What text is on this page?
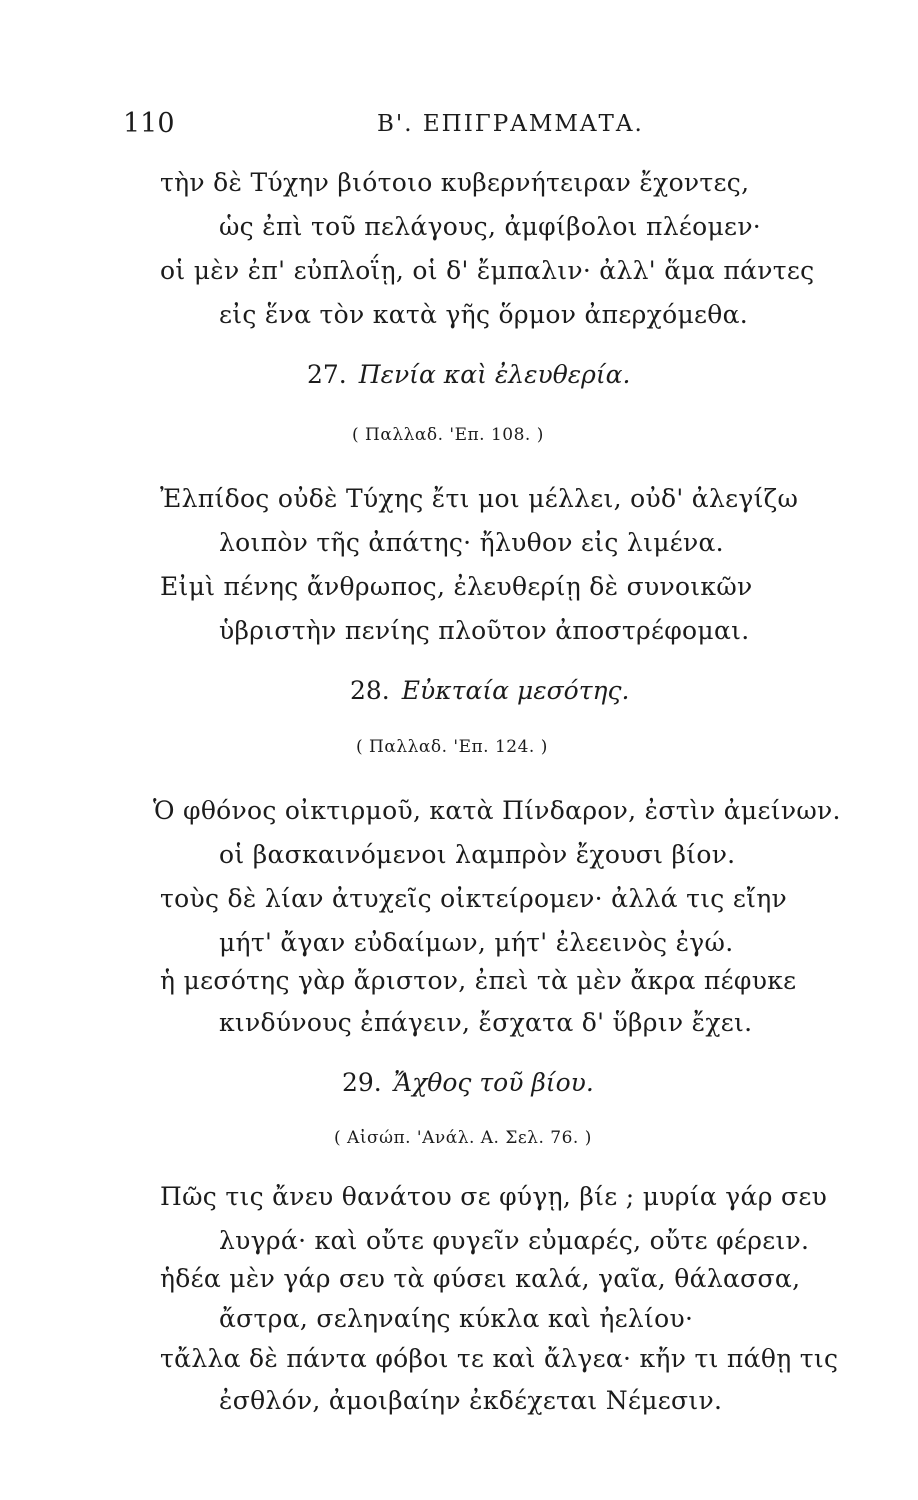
110	Β'. ΕΠΙΓΡΑΜΜΑΤΑ.
τὴν δὲ Τύχην βιότοιο κυβερνήτειραν ἔχοντες,
ὡς ἐπὶ τοῦ πελάγους, ἀμφίβολοι πλέομεν·
οἱ μὲν ἐπ' εὐπλοΐῃ, οἱ δ' ἔμπαλιν· ἀλλ' ἅμα πάντες
εἰς ἕνα τὸν κατὰ γῆς ὅρμον ἀπερχόμεθα.
27. Πενία καὶ ἐλευθερία.
( Παλλαδ. 'Επ. 108. )
Ἐλπίδος οὐδὲ Τύχης ἔτι μοι μέλλει, οὐδ' ἀλεγίζω
λοιπὸν τῆς ἀπάτης· ἤλυθον εἰς λιμένα.
Εἰμὶ πένης ἄνθρωπος, ἐλευθερίῃ δὲ συνοικῶν
ὑβριστὴν πενίης πλοῦτον ἀποστρέφομαι.
28. Εὐκταία μεσότης.
( Παλλαδ. 'Επ. 124. )
Ὁ φθόνος οἰκτιρμοῦ, κατὰ Πίνδαρον, ἐστὶν ἀμείνων.
οἱ βασκαινόμενοι λαμπρὸν ἔχουσι βίον.
τοὺς δὲ λίαν ἀτυχεῖς οἰκτείρομεν· ἀλλά τις εἴην
μήτ' ἄγαν εὐδαίμων, μήτ' ἐλεεινὸς ἐγώ.
ἡ μεσότης γὰρ ἄριστον, ἐπεὶ τὰ μὲν ἄκρα πέφυκε
κινδύνους ἐπάγειν, ἔσχατα δ' ὕβριν ἔχει.
29. Ἄχθος τοῦ βίου.
( Αἰσώπ. 'Ανάλ. Α. Σελ. 76. )
Πῶς τις ἄνευ θανάτου σε φύγῃ, βίε ; μυρία γάρ σευ
λυγρά· καὶ οὔτε φυγεῖν εὐμαρές, οὔτε φέρειν.
ἡδέα μὲν γάρ σευ τὰ φύσει καλά, γαῖα, θάλασσα,
ἄστρα, σεληναίης κύκλα καὶ ἠελίου·
τἄλλα δὲ πάντα φόβοι τε καὶ ἄλγεα· κἤν τι πάθῃ τις
ἐσθλόν, ἀμοιβαίην ἐκδέχεται Νέμεσιν.
